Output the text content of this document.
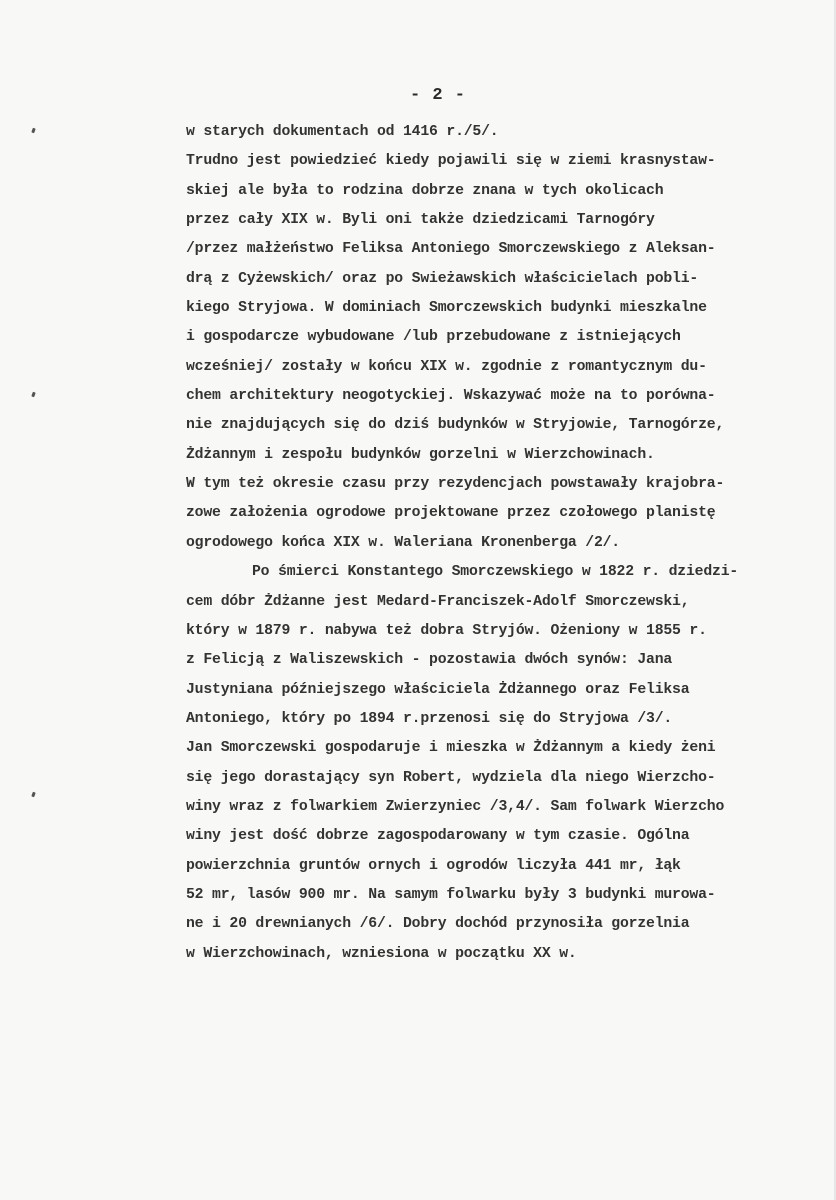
- 2 -
w starych dokumentach od 1416 r./5/.
Trudno jest powiedzieć kiedy pojawili się w ziemi krasnystaw-
skiej ale była to rodzina dobrze znana w tych okolicach
przez cały XIX w. Byli oni także dziedzicami Tarnogóry
/przez małżeństwo Feliksa Antoniego Smorczewskiego z Aleksan-
drą z Cyżewskich/ oraz po Swieżawskich właścicielach pobli-
kiego Stryjowa. W dominiach Smorczewskich budynki mieszkalne
i gospodarcze wybudowane /lub przebudowane z istniejących
wcześniej/ zostały w końcu XIX w. zgodnie z romantycznym du-
chem architektury neogotyckiej. Wskazywać może na to porówna-
nie znajdujących się do dziś budynków w Stryjowie, Tarnogórze,
Żdżannym i zespołu budynków gorzelni w Wierzchowinach.
W tym też okresie czasu przy rezydencjach powstawały krajobra-
zowe założenia ogrodowe projektowane przez czołowego planistę
ogrodowego końca XIX w. Waleriana Kronenberga /2/.
Po śmierci Konstantego Smorczewskiego w 1822 r. dziedzi-
cem dóbr Żdżanne jest Medard-Franciszek-Adolf Smorczewski,
który w 1879 r. nabywa też dobra Stryjów. Ożeniony w 1855 r.
z Felicją z Waliszewskich - pozostawia dwóch synów: Jana
Justyniana późniejszego właściciela Żdżannego oraz Feliksa
Antoniego, który po 1894 r.przenosi się do Stryjowa /3/.
Jan Smorczewski gospodaruje i mieszka w Żdżannym a kiedy żeni
się jego dorastający syn Robert, wydziela dla niego Wierzcho-
winy wraz z folwarkiem Zwierzyniec /3,4/. Sam folwark Wierzcho
winy jest dość dobrze zagospodarowany w tym czasie. Ogólna
powierzchnia gruntów ornych i ogrodów liczyła 441 mr, łąk
52 mr, lasów 900 mr. Na samym folwarku były 3 budynki murowa-
ne i 20 drewnianych /6/. Dobry dochód przynosiła gorzelnia
w Wierzchowinach, wzniesiona w początku XX w.
